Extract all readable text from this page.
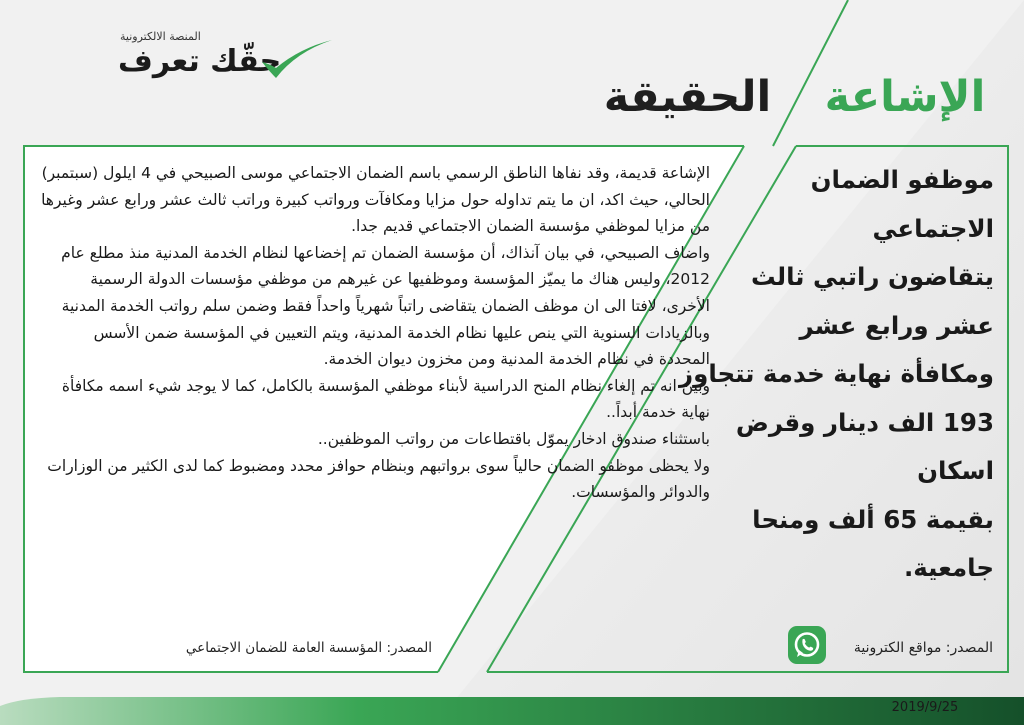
المنصة الالكترونية
حقّك تعرف
الحقيقة الإشاعة

موظفو الضمان

الاجتماعي

يتقاضون راتبي ثالث

عشر ورابع عشر

ومكافأة نهاية خدمة تتجاوز

193 الف دينار وقرض اسكان

بقيمة 65 ألف ومنحا جامعية.

الإشاعة قديمة، وقد نفاها الناطق الرسمي باسم الضمان الاجتماعي موسى الصبيحي في 4 ايلول (سبتمبر) الحالي، حيث اكد، ان ما يتم تداوله حول مزايا ومكافآت ورواتب كبيرة وراتب ثالث عشر ورابع عشر وغيرها من مزايا لموظفي مؤسسة الضمان الاجتماعي قديم جدا.

واضاف الصبيحي، في بيان آنذاك، أن مؤسسة الضمان تم إخضاعها لنظام الخدمة المدنية منذ مطلع عام 2012، وليس هناك ما يميّز المؤسسة وموظفيها عن غيرهم من موظفي مؤسسات الدولة الرسمية الأخرى، لافتا الى ان موظف الضمان يتقاضى راتباً شهرياً واحداً فقط وضمن سلم رواتب الخدمة المدنية وبالزيادات السنوية التي ينص عليها نظام الخدمة المدنية، ويتم التعيين في المؤسسة ضمن الأسس المحددة في نظام الخدمة المدنية ومن مخزون ديوان الخدمة.

وبين انه تم إلغاء نظام المنح الدراسية لأبناء موظفي المؤسسة بالكامل، كما لا يوجد شيء اسمه مكافأة نهاية خدمة أبداً..

باستثناء صندوق ادخار يموّل باقتطاعات من رواتب الموظفين..

ولا يحظى موظفو الضمان حالياً سوى برواتبهم وبنظام حوافز محدد ومضبوط كما لدى الكثير من الوزارات والدوائر والمؤسسات.

المصدر: مواقع الكترونية
المصدر: المؤسسة العامة للضمان الاجتماعي
2019/9/25
